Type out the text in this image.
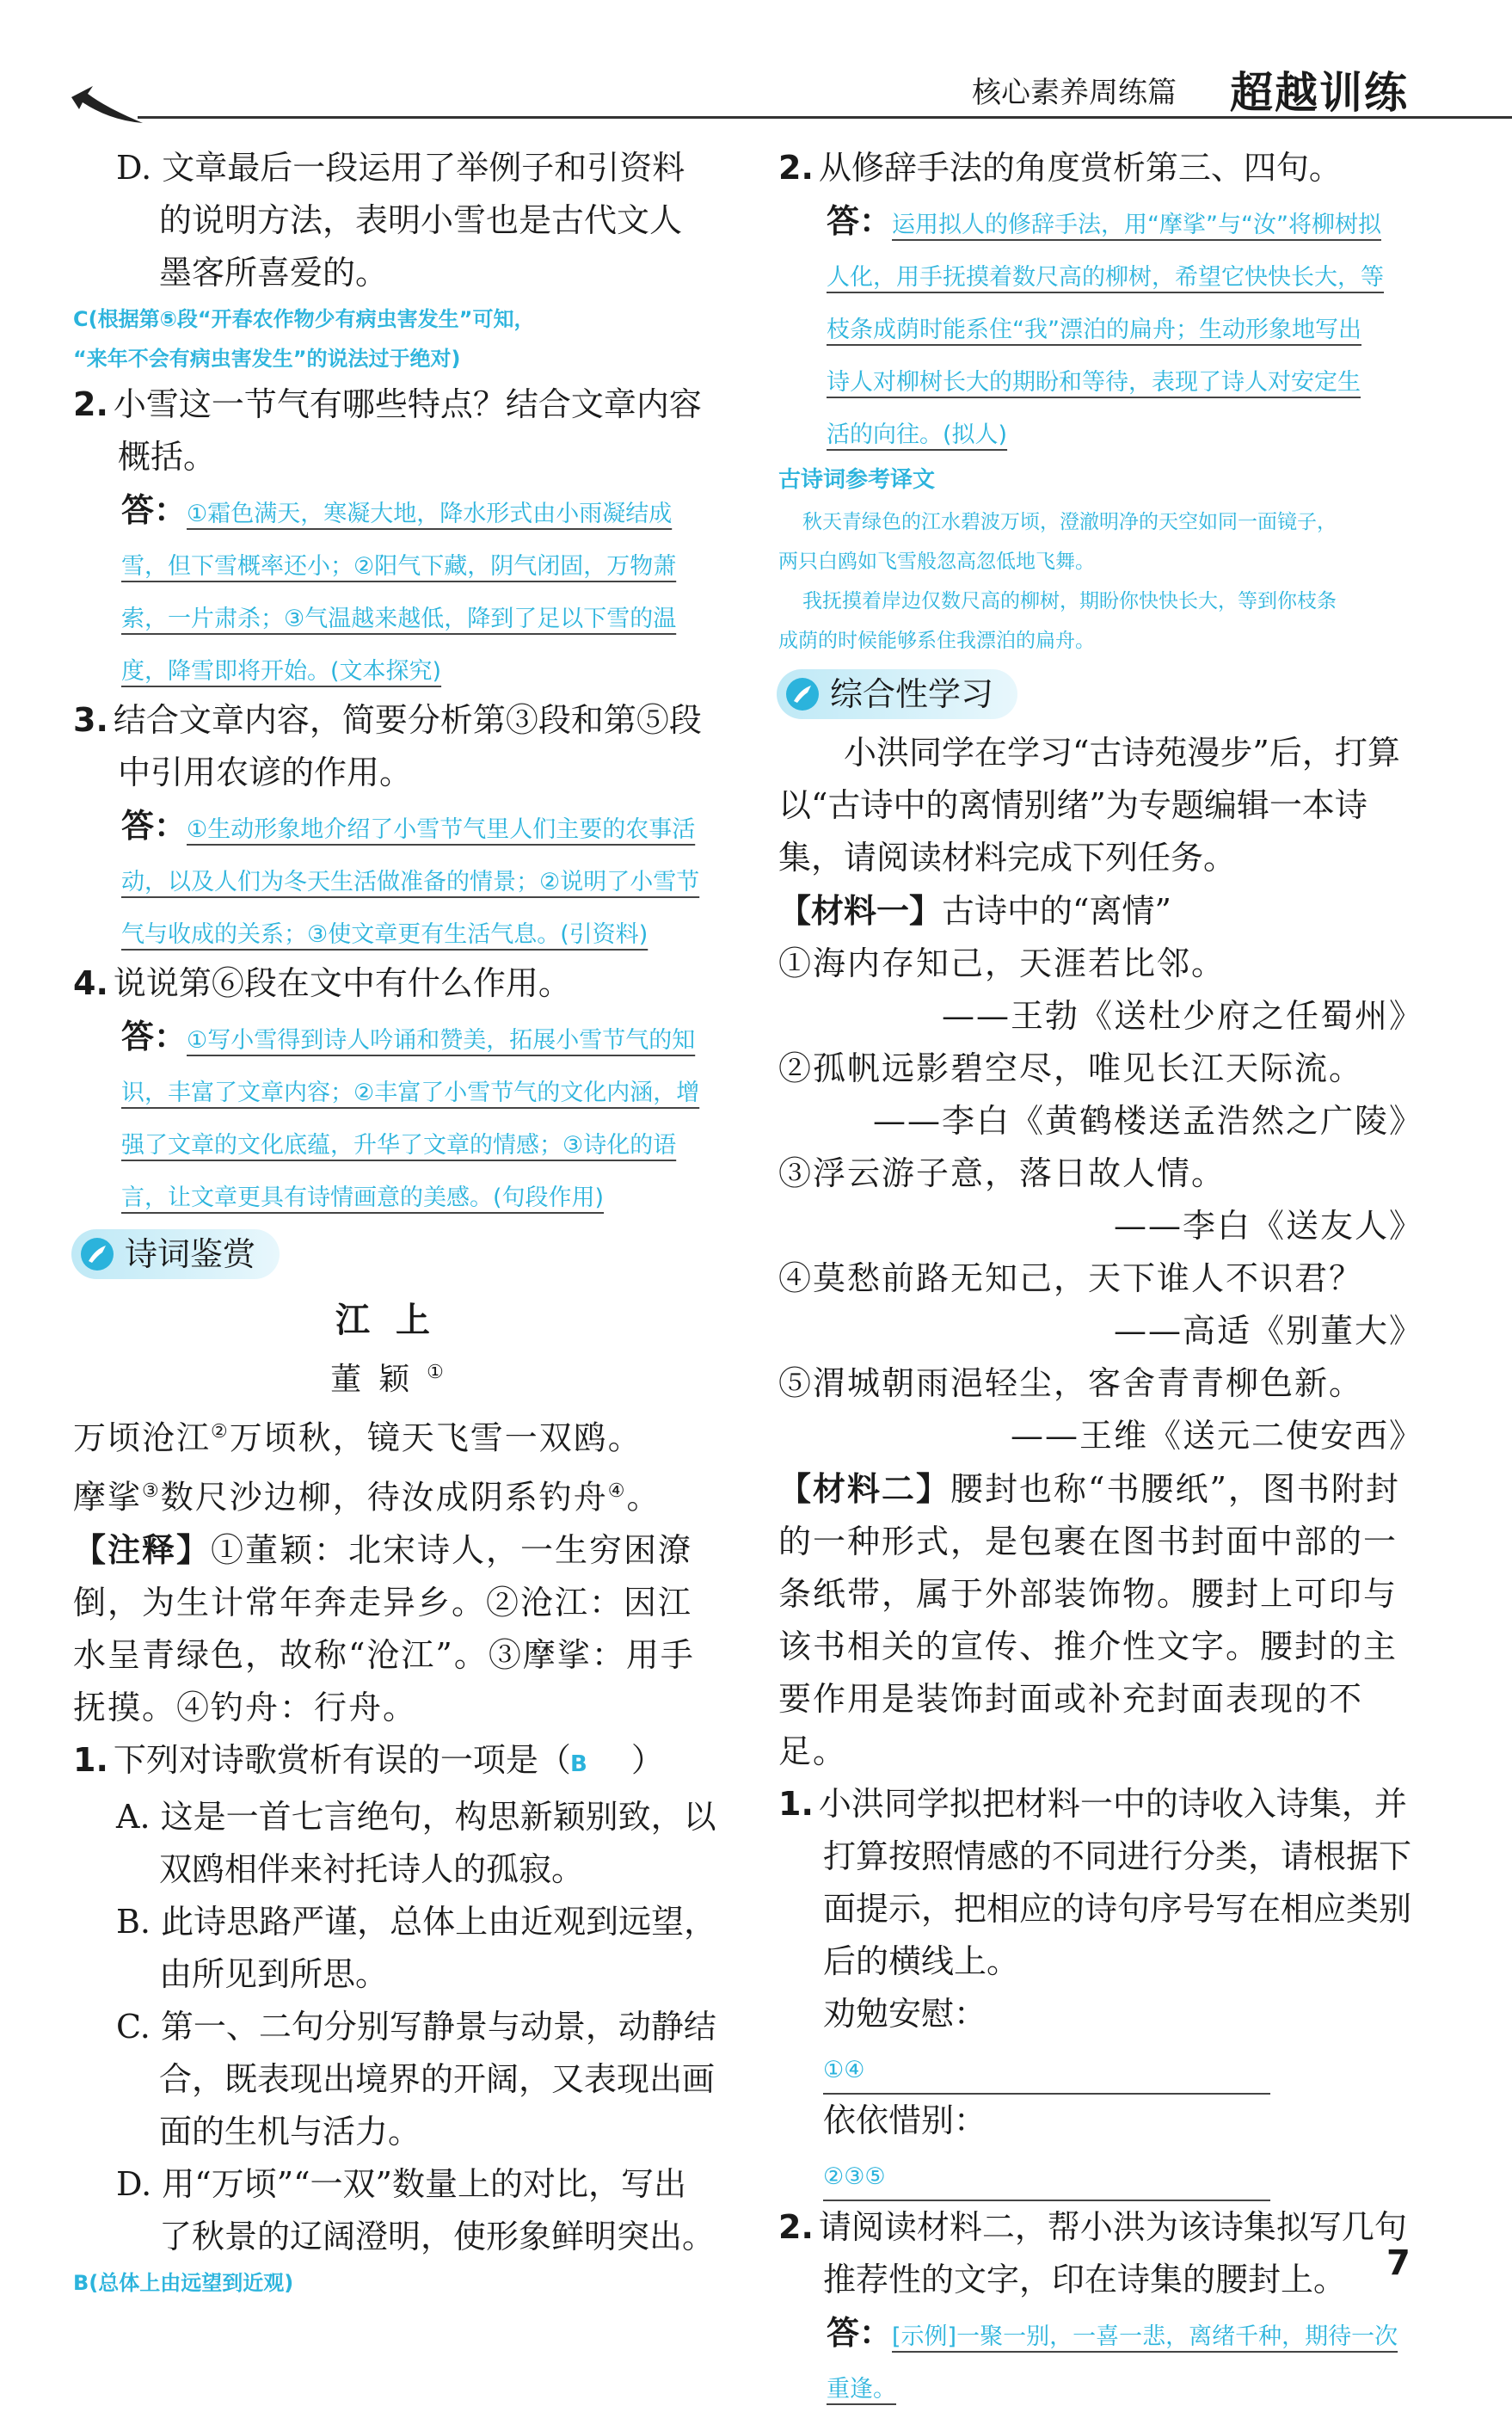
核心素养周练篇 超越训练

D. 文章最后一段运用了举例子和引资料

的说明方法，表明小雪也是古代文人

墨客所喜爱的。

C(根据第⑤段“开春农作物少有病虫害发生”可知，

“来年不会有病虫害发生”的说法过于绝对)

2. 小雪这一节气有哪些特点？结合文章内容概括。

答：①霜色满天，寒凝大地，降水形式由小雨凝结成

雪，但下雪概率还小；②阳气下藏，阴气闭固，万物萧

索，一片肃杀；③气温越来越低，降到了足以下雪的温

度，降雪即将开始。(文本探究)

3. 结合文章内容，简要分析第③段和第⑤段中引用农谚的作用。

答：①生动形象地介绍了小雪节气里人们主要的农事活

动，以及人们为冬天生活做准备的情景；②说明了小雪节

气与收成的关系；③使文章更有生活气息。(引资料)

4. 说说第⑥段在文中有什么作用。

答：①写小雪得到诗人吟诵和赞美，拓展小雪节气的知

识，丰富了文章内容；②丰富了小雪节气的文化内涵，增

强了文章的文化底蕴，升华了文章的情感；③诗化的语

言，让文章更具有诗情画意的美感。(句段作用)

诗词鉴赏

江上

董颖①

万顷沧江②万顷秋，镜天飞雪一双鸥。

摩挲③数尺沙边柳，待汝成阴系钓舟④。

【注释】①董颖：北宋诗人，一生穷困潦倒，为生计常年奔走异乡。②沧江：因江水呈青绿色，故称“沧江”。③摩挲：用手抚摸。④钓舟：行舟。

1. 下列对诗歌赏析有误的一项是（B ）

A. 这是一首七言绝句，构思新颖别致，以双鸥相伴来衬托诗人的孤寂。

B. 此诗思路严谨，总体上由近观到远望，由所见到所思。

C. 第一、二句分别写静景与动景，动静结合，既表现出境界的开阔，又表现出画面的生机与活力。

D. 用“万顷”“一双”数量上的对比，写出了秋景的辽阔澄明，使形象鲜明突出。

B(总体上由远望到近观)

2. 从修辞手法的角度赏析第三、四句。

答：运用拟人的修辞手法，用“摩挲”与“汝”将柳树拟

人化，用手抚摸着数尺高的柳树，希望它快快长大，等

枝条成荫时能系住“我”漂泊的扁舟；生动形象地写出

诗人对柳树长大的期盼和等待，表现了诗人对安定生

活的向往。(拟人)

古诗词参考译文

秋天青绿色的江水碧波万顷，澄澈明净的天空如同一面镜子，

两只白鸥如飞雪般忽高忽低地飞舞。

我抚摸着岸边仅数尺高的柳树，期盼你快快长大，等到你枝条

成荫的时候能够系住我漂泊的扁舟。

综合性学习

小洪同学在学习“古诗苑漫步”后，打算以“古诗中的离情别绪”为专题编辑一本诗集，请阅读材料完成下列任务。

【材料一】古诗中的“离情”

①海内存知己，天涯若比邻。

——王勃《送杜少府之任蜀州》

②孤帆远影碧空尽，唯见长江天际流。

——李白《黄鹤楼送孟浩然之广陵》

③浮云游子意，落日故人情。

——李白《送友人》

④莫愁前路无知己，天下谁人不识君？

——高适《别董大》

⑤渭城朝雨浥轻尘，客舍青青柳色新。

——王维《送元二使安西》

【材料二】腰封也称“书腰纸”，图书附封的一种形式，是包裹在图书封面中部的一条纸带，属于外部装饰物。腰封上可印与该书相关的宣传、推介性文字。腰封的主要作用是装饰封面或补充封面表现的不足。

1. 小洪同学拟把材料一中的诗收入诗集，并打算按照情感的不同进行分类，请根据下面提示，把相应的诗句序号写在相应类别后的横线上。

劝勉安慰：①④

依依惜别：②③⑤

2. 请阅读材料二，帮小洪为该诗集拟写几句推荐性的文字，印在诗集的腰封上。

答：[示例]一聚一别，一喜一悲，离绪千种，期待一次

重逢。

7
